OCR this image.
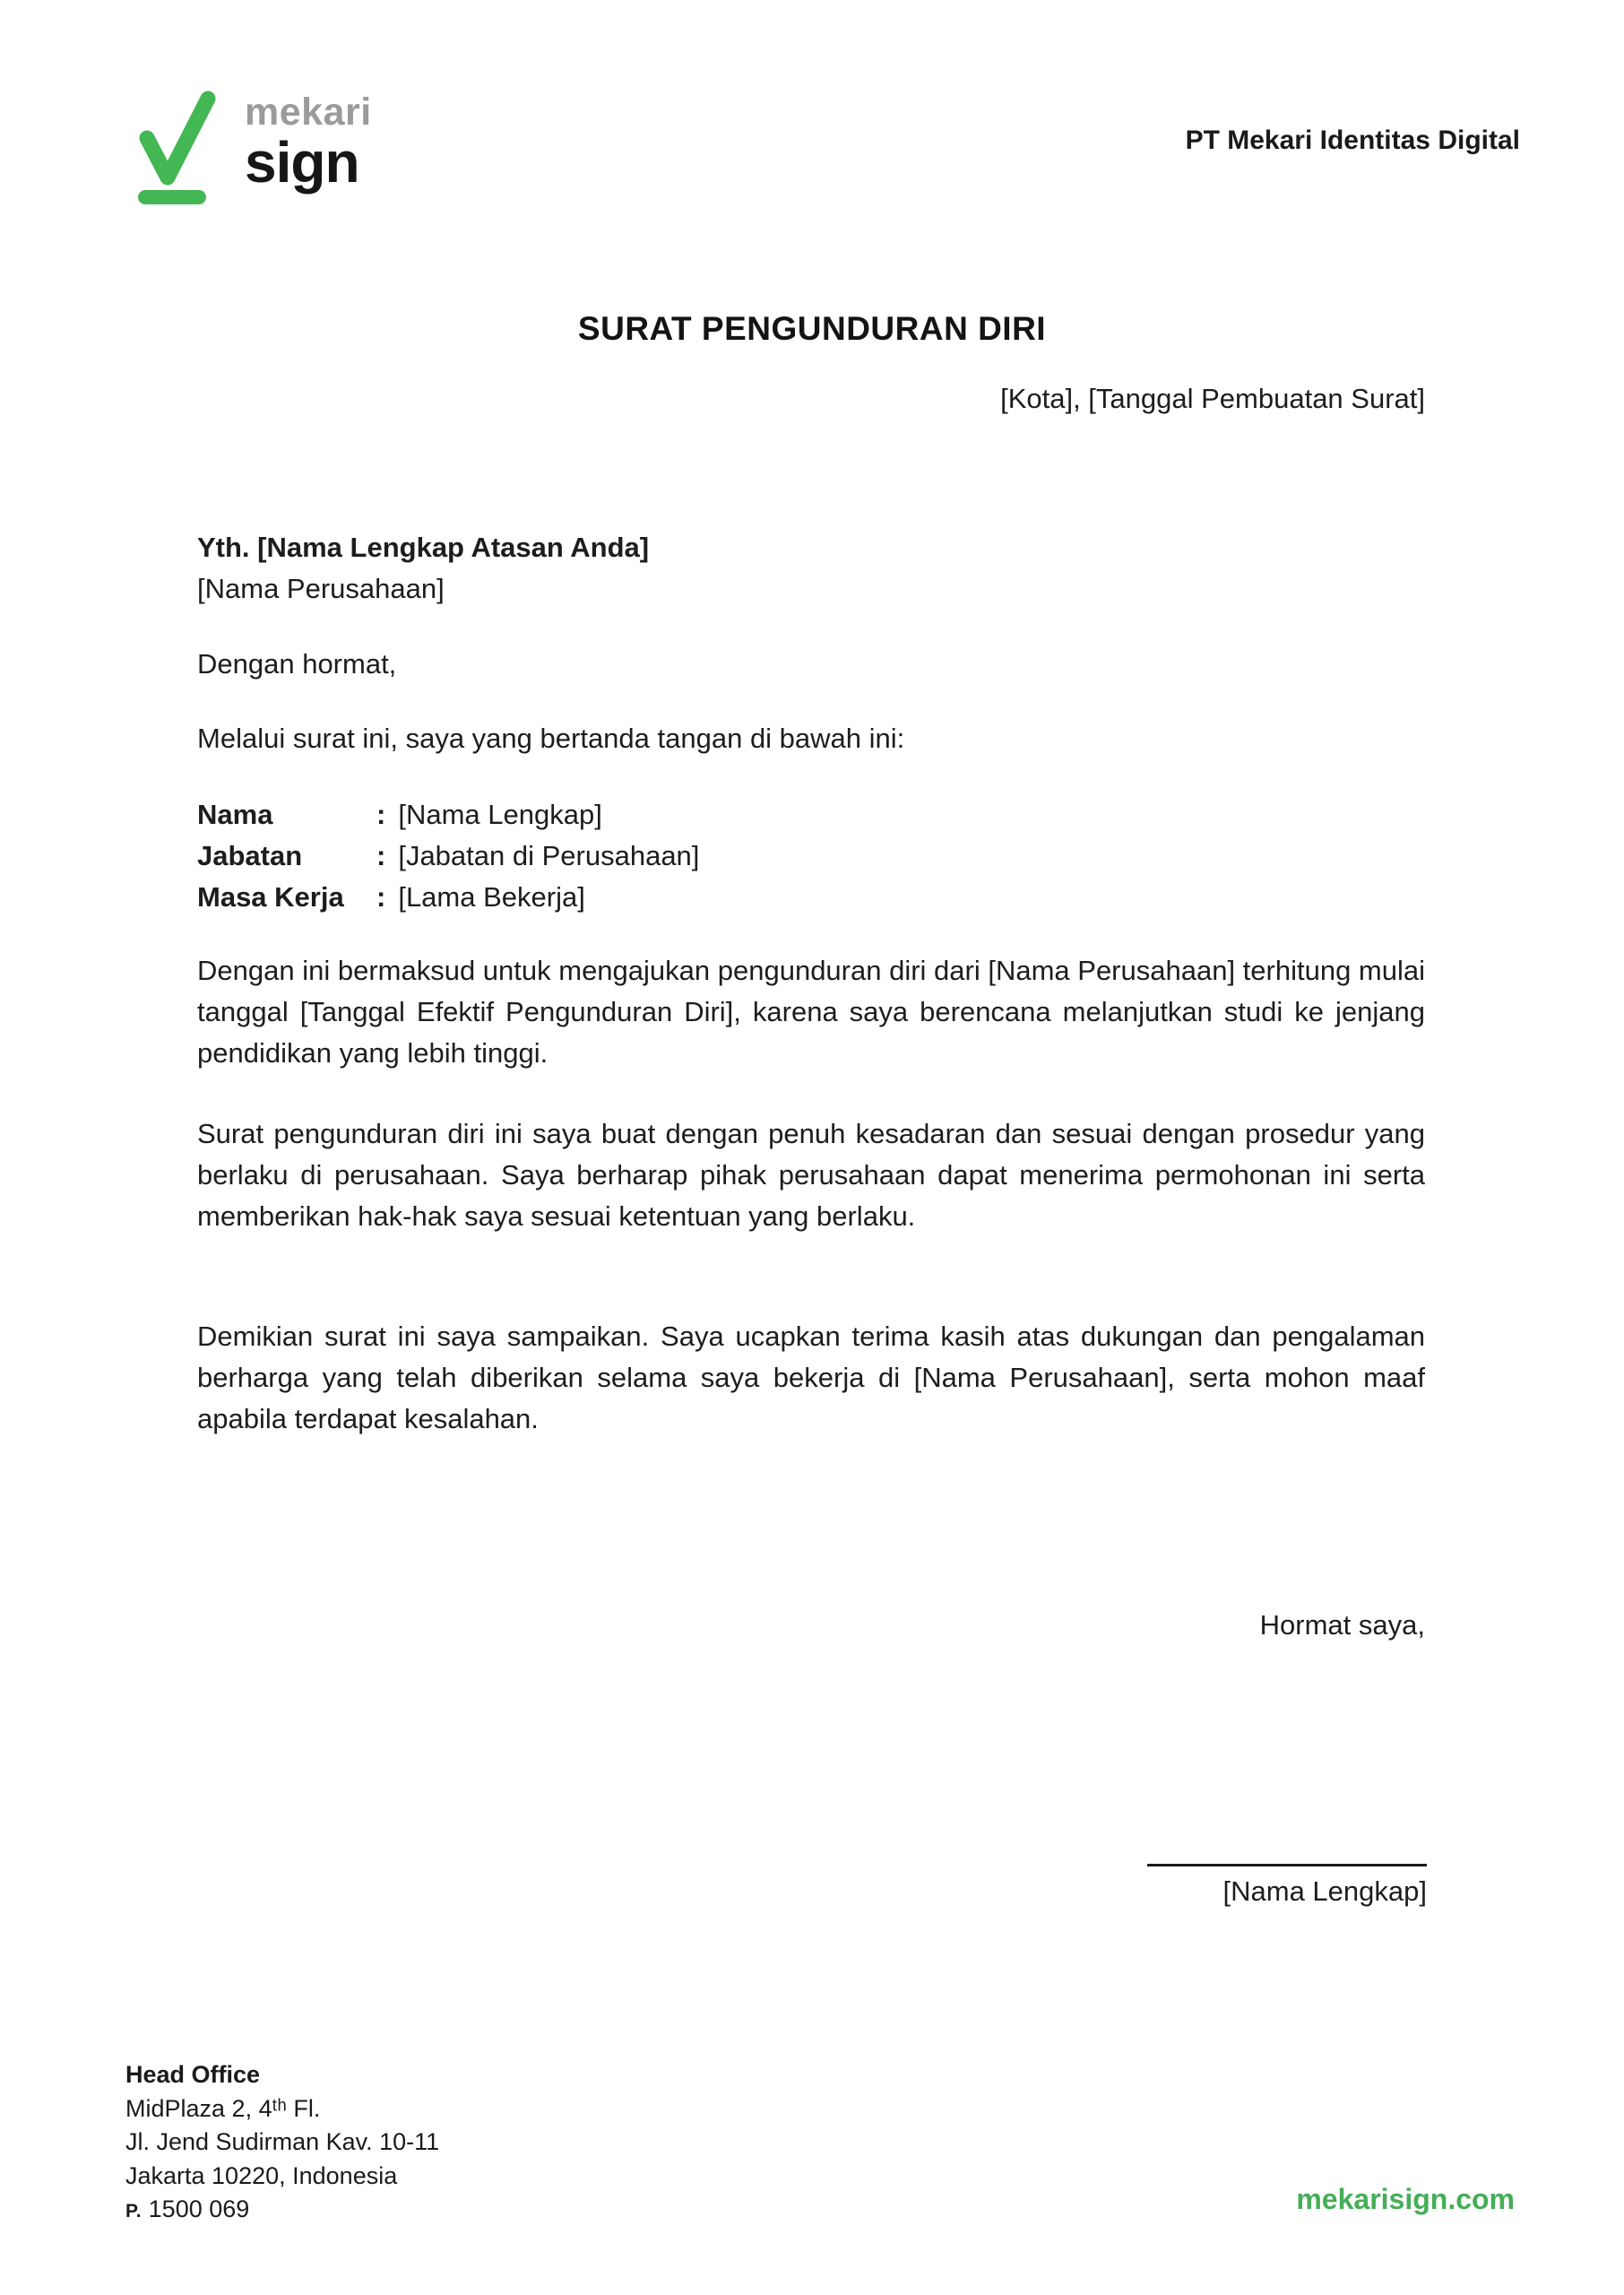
mekari
sign	PT Mekari Identitas Digital
SURAT PENGUNDURAN DIRI
[Kota], [Tanggal Pembuatan Surat]
Yth. [Nama Lengkap Atasan Anda]
[Nama Perusahaan]
Dengan hormat,
Melalui surat ini, saya yang bertanda tangan di bawah ini:
Nama	: [Nama Lengkap]
Jabatan	: [Jabatan di Perusahaan]
Masa Kerja	: [Lama Bekerja]
Dengan ini bermaksud untuk mengajukan pengunduran diri dari [Nama Perusahaan] terhitung mulai tanggal [Tanggal Efektif Pengunduran Diri], karena saya berencana melanjutkan studi ke jenjang pendidikan yang lebih tinggi.
Surat pengunduran diri ini saya buat dengan penuh kesadaran dan sesuai dengan prosedur yang berlaku di perusahaan. Saya berharap pihak perusahaan dapat menerima permohonan ini serta memberikan hak-hak saya sesuai ketentuan yang berlaku.
Demikian surat ini saya sampaikan. Saya ucapkan terima kasih atas dukungan dan pengalaman berharga yang telah diberikan selama saya bekerja di [Nama Perusahaan], serta mohon maaf apabila terdapat kesalahan.
Hormat saya,
[Nama Lengkap]
Head Office
MidPlaza 2, 4ᵗʰ Fl.
Jl. Jend Sudirman Kav. 10-11
Jakarta 10220, Indonesia
P. 1500 069	mekarisign.com
